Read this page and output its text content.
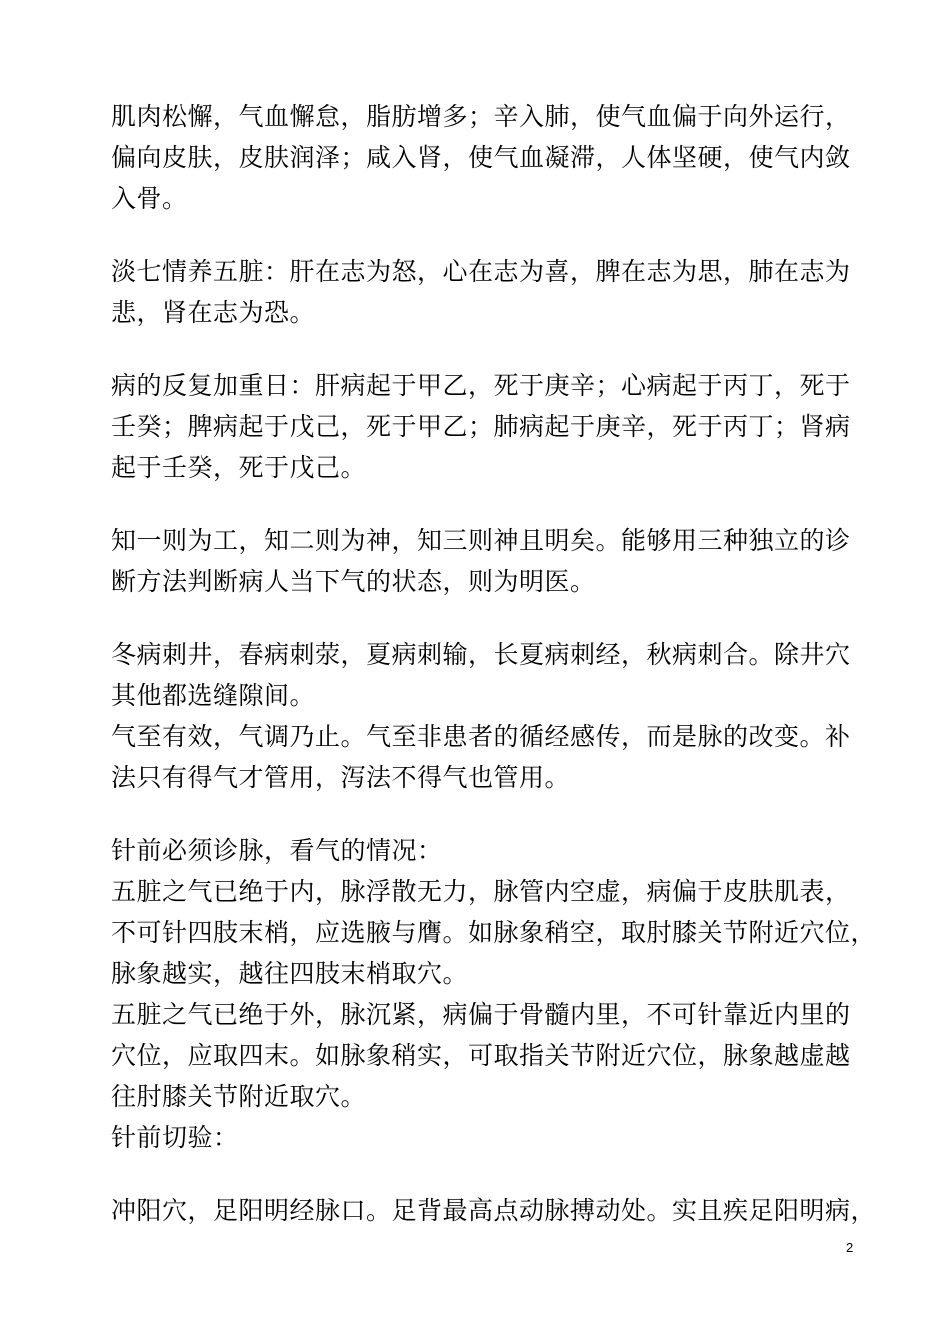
肌肉松懈，气血懈怠，脂肪增多；辛入肺，使气血偏于向外运行，
偏向皮肤，皮肤润泽；咸入肾，使气血凝滞，人体坚硬，使气内敛
入骨。
淡七情养五脏：肝在志为怒，心在志为喜，脾在志为思，肺在志为
悲，肾在志为恐。
病的反复加重日：肝病起于甲乙，死于庚辛；心病起于丙丁，死于
壬癸；脾病起于戊己，死于甲乙；肺病起于庚辛，死于丙丁；肾病
起于壬癸，死于戊己。
知一则为工，知二则为神，知三则神且明矣。能够用三种独立的诊
断方法判断病人当下气的状态，则为明医。
冬病刺井，春病刺荥，夏病刺输，长夏病刺经，秋病刺合。除井穴
其他都选缝隙间。
气至有效，气调乃止。气至非患者的循经感传，而是脉的改变。补
法只有得气才管用，泻法不得气也管用。
针前必须诊脉，看气的情况：
五脏之气已绝于内，脉浮散无力，脉管内空虚，病偏于皮肤肌表，
不可针四肢末梢，应选腋与膺。如脉象稍空，取肘膝关节附近穴位，
脉象越实，越往四肢末梢取穴。
五脏之气已绝于外，脉沉紧，病偏于骨髓内里，不可针靠近内里的
穴位，应取四末。如脉象稍实，可取指关节附近穴位，脉象越虚越
往肘膝关节附近取穴。
针前切验：
冲阳穴，足阳明经脉口。足背最高点动脉搏动处。实且疾足阳明病，
2
